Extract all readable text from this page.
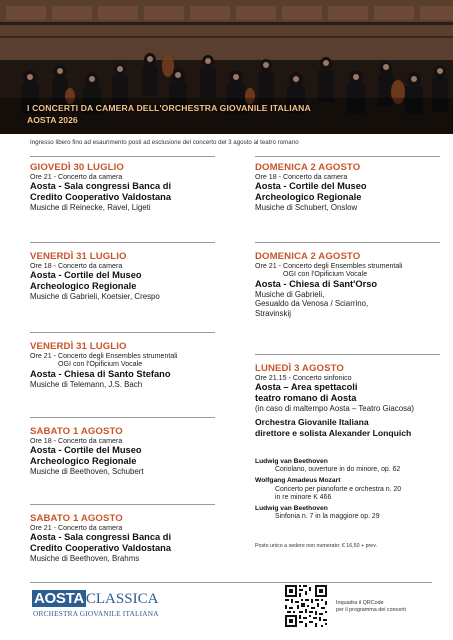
I CONCERTI DA CAMERA DELL'ORCHESTRA GIOVANILE ITALIANA
AOSTA 2026
Ingresso libero fino ad esaurimento posti ad esclusione del concerto del 3 agosto al teatro romano
GIOVEDÌ 30 LUGLIO
Ore 21 - Concerto da camera
Aosta - Sala congressi Banca di
Credito Cooperativo Valdostana
Musiche di Reinecke, Ravel, Ligeti
VENERDÌ 31 LUGLIO
Ore 18 - Concerto da camera
Aosta - Cortile del Museo
Archeologico Regionale
Musiche di Gabrieli, Koetsier, Crespo
VENERDÌ 31 LUGLIO
Ore 21 - Concerto degli Ensembles strumentali
OGI con l'Opificium Vocale
Aosta - Chiesa di Santo Stefano
Musiche di Telemann, J.S. Bach
SABATO 1 AGOSTO
Ore 18 - Concerto da camera
Aosta - Cortile del Museo
Archeologico Regionale
Musiche di Beethoven, Schubert
SABATO 1 AGOSTO
Ore 21 - Concerto da camera
Aosta - Sala congressi Banca di
Credito Cooperativo Valdostana
Musiche di Beethoven, Brahms
DOMENICA 2 AGOSTO
Ore 18 - Concerto da camera
Aosta - Cortile del Museo
Archeologico Regionale
Musiche di Schubert, Onslow
DOMENICA 2 AGOSTO
Ore 21 - Concerto degli Ensembles strumentali
OGI con l'Opificium Vocale
Aosta - Chiesa di Sant'Orso
Musiche di Gabrieli,
Gesualdo da Venosa / Sciarrino,
Stravinskij
LUNEDÌ 3 AGOSTO
Ore 21.15 - Concerto sinfonico
Aosta – Area spettacoli
teatro romano di Aosta
(in caso di maltempo Aosta – Teatro Giacosa)
Orchestra Giovanile Italiana
direttore e solista Alexander Lonquich
Ludwig van Beethoven
Coriolano, ouverture in do minore, op. 62
Wolfgang Amadeus Mozart
Concerto per pianoforte e orchestra n. 20
in re minore K 466
Ludwig van Beethoven
Sinfonia n. 7 in la maggiore op. 29
Posto unico a sedere non numerato: € 16,50 + prev.
AOSTA CLASSICA
ORCHESTRA GIOVANILE ITALIANA
Inquadra il QRCode
per il programma dei concerti
